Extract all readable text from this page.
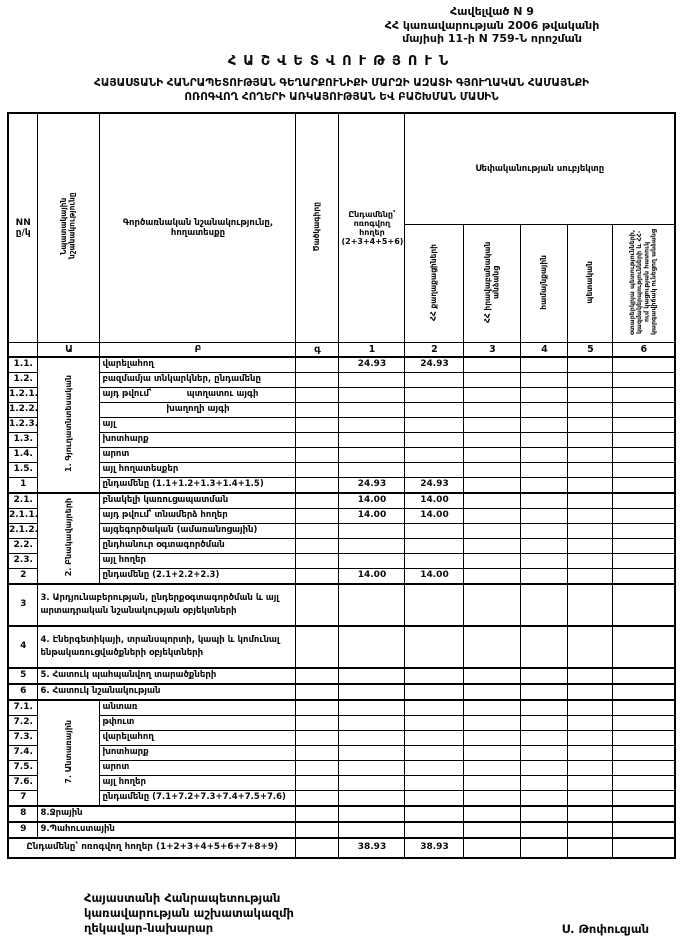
Հավելված N 9
ՀՀ կառավարության 2006 թվականի
մայիսի 11-ի N 759-Ն որոշման
ՀԱՇՎԵՏՎՈՒԹՅՈՒՆ
ՀԱՅԱՍՏԱՆԻ ՀԱՆՐԱՊԵՏՈՒԹՅԱՆ ԳԵՂԱՐՔՈՒՆԻՔԻ ՄԱՐԶԻ ԱԶԱՏԻ ԳՅՈՒՂԱԿԱՆ ՀԱՄԱՅՆՔԻ
ՈՌՈԳՎՈՂ ՀՈՂԵՐԻ ԱՌԿԱՅՈՒԹՅԱՆ ԵՎ ԲԱՇԽՄԱՆ ՄԱՍԻՆ
NN ը/կ	Նպատակային նշանակությունը	Գործառնական նշանակությունը, հողատեսքը	Ծածկագիրը	Ընդամենը՝ ոռոգվող հողեր (2+3+4+5+6)	Սեփականության սուբյեկտը				
					ՀՀ քաղաքացիների	ՀՀ իրավաբանական անձանց	համայնքային	պետական	օտարերկրյա պետությունների, կազմակերպությունների և ՀՀ-ում կացության հատուկ կարգավիճակ ունեցող անձանց
	Ա	Բ	գ	1	2	3	4	5	6
1.1.	1. Գյուղատնտեսական	վարելահող		24.93	24.93				
1.2.		բազմամյա տնկարկներ, ընդամենը							
1.2.1.		այդ թվում՝ պտղատու այգի							

1.2.2.		խաղողի այգի							

1.2.3.		այլ							
1.3.		խոտհարք							
1.4.		արոտ							
1.5.		այլ հողատեսքեր							
1		ընդամենը (1.1+1.2+1.3+1.4+1.5)		24.93	24.93				
2.1.	2. Բնակավայրերի	բնակելի կառուցապատման		14.00	14.00				
2.1.1.		այդ թվում՝ տնամերձ հողեր		14.00	14.00				
2.1.2.		այգեգործական (ամառանոցային)							
2.2.		ընդհանուր օգտագործման							
2.3.		այլ հողեր							
2		ընդամենը (2.1+2.2+2.3)		14.00	14.00				
3	3. Արդյունաբերության, ընդերքօգտագործման և այլ արտադրական նշանակության օբյեկտների								
4	4. Էներգետիկայի, տրանսպորտի, կապի և կոմունալ ենթակառուցվածքների օբյեկտների								
5	5. Հատուկ պահպանվող տարածքների								
6	6. Հատուկ նշանակության								
7.1.	7. Անտառային	անտառ							
7.2.		թփուտ							
7.3.		վարելահող							
7.4.		խոտհարք							
7.5.		արոտ							
7.6.		այլ հողեր							
7		ընդամենը (7.1+7.2+7.3+7.4+7.5+7.6)							
8	8.Ջրային								
9	9.Պահուստային								
Ընդամենը՝ ոռոգվող հողեր (1+2+3+4+5+6+7+8+9)				38.93	38.93				
Հայաստանի Հանրապետության
կառավարության աշխատակազմի
ղեկավար-նախարար	Ս. Թոփուզյան
